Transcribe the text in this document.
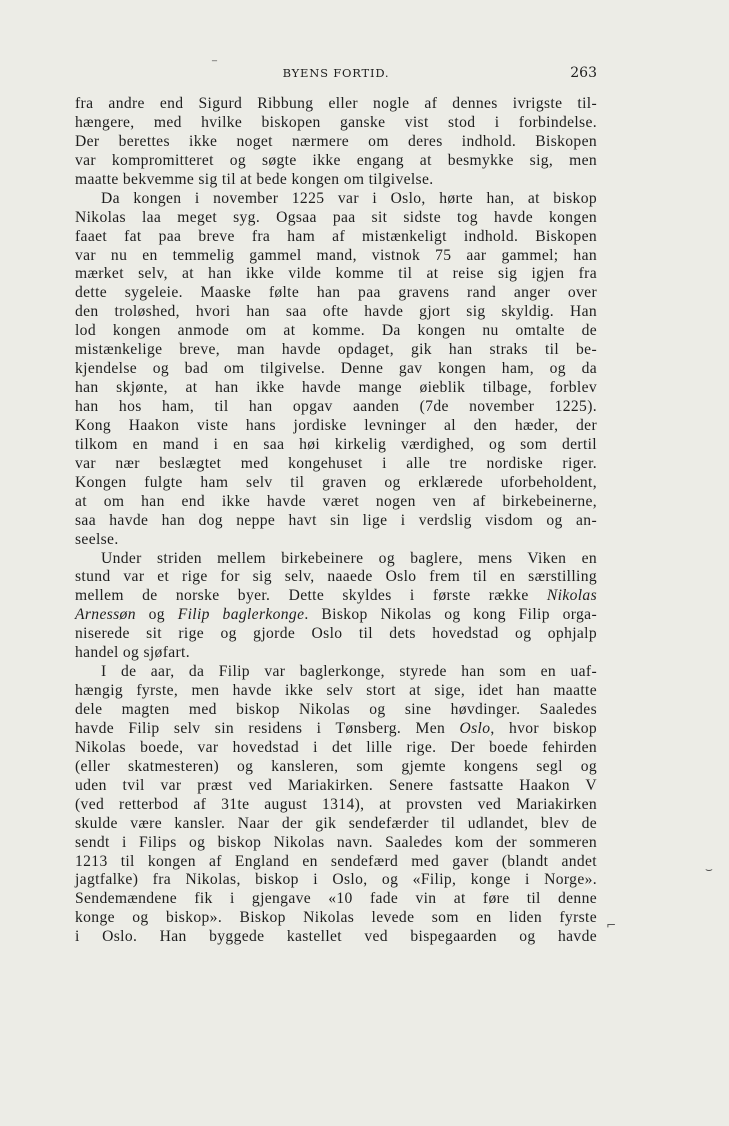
BYENS FORTID.	263
fra andre end Sigurd Ribbung eller nogle af dennes ivrigste til-
hængere, med hvilke biskopen ganske vist stod i forbindelse.
Der berettes ikke noget nærmere om deres indhold. Biskopen
var kompromitteret og søgte ikke engang at besmykke sig, men
maatte bekvemme sig til at bede kongen om tilgivelse.
Da kongen i november 1225 var i Oslo, hørte han, at biskop
Nikolas laa meget syg. Ogsaa paa sit sidste tog havde kongen
faaet fat paa breve fra ham af mistænkeligt indhold. Biskopen
var nu en temmelig gammel mand, vistnok 75 aar gammel; han
mærket selv, at han ikke vilde komme til at reise sig igjen fra
dette sygeleie. Maaske følte han paa gravens rand anger over
den troløshed, hvori han saa ofte havde gjort sig skyldig. Han
lod kongen anmode om at komme. Da kongen nu omtalte de
mistænkelige breve, man havde opdaget, gik han straks til be-
kjendelse og bad om tilgivelse. Denne gav kongen ham, og da
han skjønte, at han ikke havde mange øieblik tilbage, forblev
han hos ham, til han opgav aanden (7de november 1225).
Kong Haakon viste hans jordiske levninger al den hæder, der
tilkom en mand i en saa høi kirkelig værdighed, og som dertil
var nær beslægtet med kongehuset i alle tre nordiske riger.
Kongen fulgte ham selv til graven og erklærede uforbeholdent,
at om han end ikke havde været nogen ven af birkebeinerne,
saa havde han dog neppe havt sin lige i verdslig visdom og an-
seelse.
Under striden mellem birkebeinere og baglere, mens Viken en
stund var et rige for sig selv, naaede Oslo frem til en særstilling
mellem de norske byer. Dette skyldes i første række Nikolas
Arnessøn og Filip baglerkonge. Biskop Nikolas og kong Filip orga-
niserede sit rige og gjorde Oslo til dets hovedstad og ophjalp
handel og sjøfart.
I de aar, da Filip var baglerkonge, styrede han som en uaf-
hængig fyrste, men havde ikke selv stort at sige, idet han maatte
dele magten med biskop Nikolas og sine høvdinger. Saaledes
havde Filip selv sin residens i Tønsberg. Men Oslo, hvor biskop
Nikolas boede, var hovedstad i det lille rige. Der boede fehirden
(eller skatmesteren) og kansleren, som gjemte kongens segl og
uden tvil var præst ved Mariakirken. Senere fastsatte Haakon V
(ved retterbod af 31te august 1314), at provsten ved Mariakirken
skulde være kansler. Naar der gik sendefærder til udlandet, blev de
sendt i Filips og biskop Nikolas navn. Saaledes kom der sommeren
1213 til kongen af England en sendefærd med gaver (blandt andet
jagtfalke) fra Nikolas, biskop i Oslo, og «Filip, konge i Norge».
Sendemændene fik i gjengave «10 fade vin at føre til denne
konge og biskop». Biskop Nikolas levede som en liden fyrste
i Oslo. Han byggede kastellet ved bispegaarden og havde
⌣
⌐
‾
